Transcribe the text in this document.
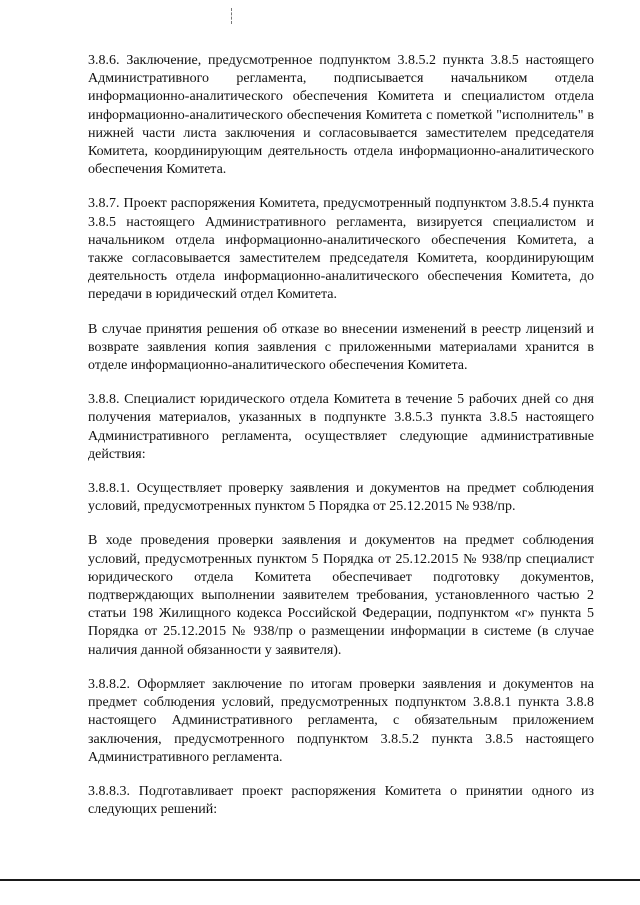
3.8.6. Заключение, предусмотренное подпунктом 3.8.5.2 пункта 3.8.5 настоящего Административного регламента, подписывается начальником отдела информационно-аналитического обеспечения Комитета и специалистом отдела информационно-аналитического обеспечения Комитета с пометкой "исполнитель" в нижней части листа заключения и согласовывается заместителем председателя Комитета, координирующим деятельность отдела информационно-аналитического обеспечения Комитета.

3.8.7. Проект распоряжения Комитета, предусмотренный подпунктом 3.8.5.4 пункта 3.8.5 настоящего Административного регламента, визируется специалистом и начальником отдела информационно-аналитического обеспечения Комитета, а также согласовывается заместителем председателя Комитета, координирующим деятельность отдела информационно-аналитического обеспечения Комитета, до передачи в юридический отдел Комитета.

В случае принятия решения об отказе во внесении изменений в реестр лицензий и возврате заявления копия заявления с приложенными материалами хранится в отделе информационно-аналитического обеспечения Комитета.

3.8.8. Специалист юридического отдела Комитета в течение 5 рабочих дней со дня получения материалов, указанных в подпункте 3.8.5.3 пункта 3.8.5 настоящего Административного регламента, осуществляет следующие административные действия:

3.8.8.1. Осуществляет проверку заявления и документов на предмет соблюдения условий, предусмотренных пунктом 5 Порядка от 25.12.2015 № 938/пр.

В ходе проведения проверки заявления и документов на предмет соблюдения условий, предусмотренных пунктом 5 Порядка от 25.12.2015 № 938/пр специалист юридического отдела Комитета обеспечивает подготовку документов, подтверждающих выполнении заявителем требования, установленного частью 2 статьи 198 Жилищного кодекса Российской Федерации, подпунктом «г» пункта 5 Порядка от 25.12.2015 № 938/пр о размещении информации в системе (в случае наличия данной обязанности у заявителя).

3.8.8.2. Оформляет заключение по итогам проверки заявления и документов на предмет соблюдения условий, предусмотренных подпунктом 3.8.8.1 пункта 3.8.8 настоящего Административного регламента, с обязательным приложением заключения, предусмотренного подпунктом 3.8.5.2 пункта 3.8.5 настоящего Административного регламента.

3.8.8.3. Подготавливает проект распоряжения Комитета о принятии одного из следующих решений:
